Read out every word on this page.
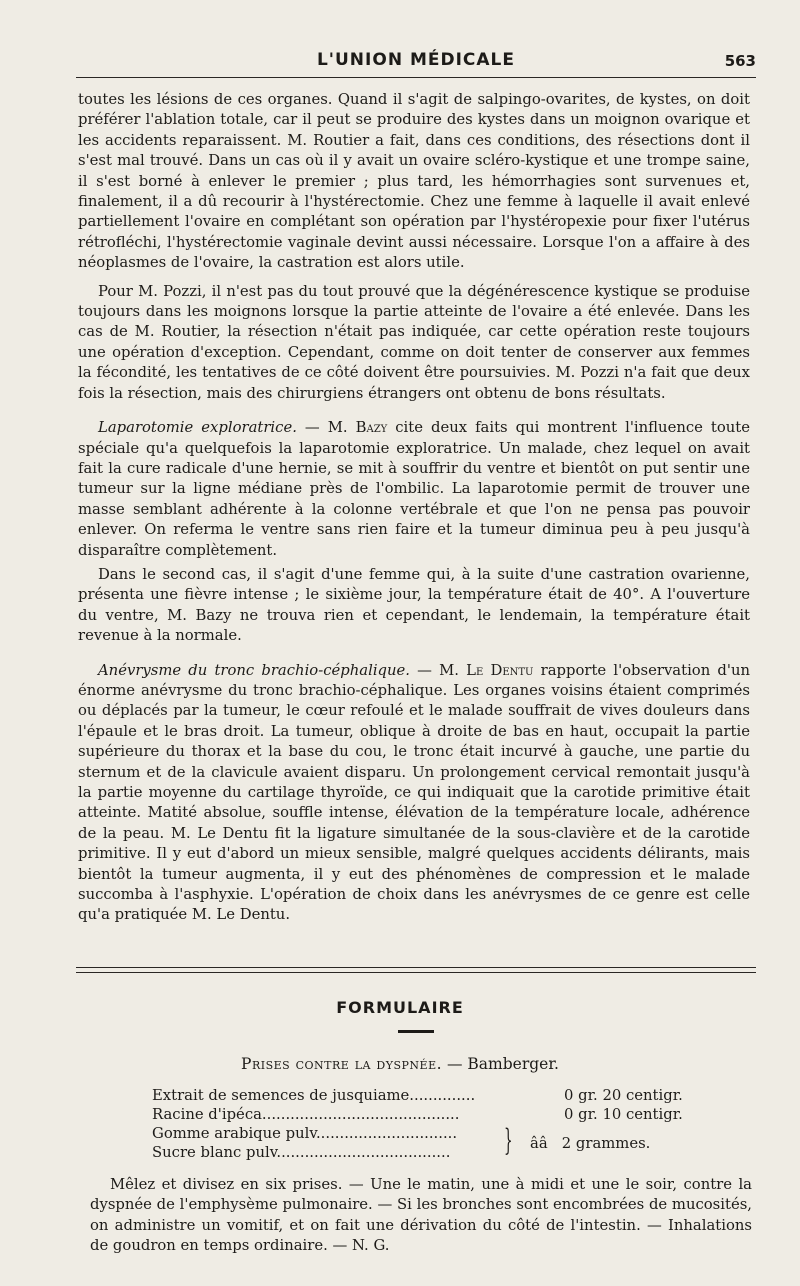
L'UNION MÉDICALE	563

toutes les lésions de ces organes. Quand il s'agit de salpingo-ovarites, de kystes, on doit préférer l'ablation totale, car il peut se produire des kystes dans un moignon ovarique et les accidents reparaissent. M. Routier a fait, dans ces conditions, des résections dont il s'est mal trouvé. Dans un cas où il y avait un ovaire scléro-kystique et une trompe saine, il s'est borné à enlever le premier ; plus tard, les hémorrhagies sont survenues et, finalement, il a dû recourir à l'hystérectomie. Chez une femme à laquelle il avait enlevé partiellement l'ovaire en complétant son opération par l'hystéropexie pour fixer l'utérus rétrofléchi, l'hystérectomie vaginale devint aussi nécessaire. Lorsque l'on a affaire à des néoplasmes de l'ovaire, la castration est alors utile.

Pour M. Pozzi, il n'est pas du tout prouvé que la dégénérescence kystique se produise toujours dans les moignons lorsque la partie atteinte de l'ovaire a été enlevée. Dans les cas de M. Routier, la résection n'était pas indiquée, car cette opération reste toujours une opération d'exception. Cependant, comme on doit tenter de conserver aux femmes la fécondité, les tentatives de ce côté doivent être poursuivies. M. Pozzi n'a fait que deux fois la résection, mais des chirurgiens étrangers ont obtenu de bons résultats.

Laparotomie exploratrice. — M. Bazy cite deux faits qui montrent l'influence toute spéciale qu'a quelquefois la laparotomie exploratrice. Un malade, chez lequel on avait fait la cure radicale d'une hernie, se mit à souffrir du ventre et bientôt on put sentir une tumeur sur la ligne médiane près de l'ombilic. La laparotomie permit de trouver une masse semblant adhérente à la colonne vertébrale et que l'on ne pensa pas pouvoir enlever. On referma le ventre sans rien faire et la tumeur diminua peu à peu jusqu'à disparaître complètement.

Dans le second cas, il s'agit d'une femme qui, à la suite d'une castration ovarienne, présenta une fièvre intense ; le sixième jour, la température était de 40°. A l'ouverture du ventre, M. Bazy ne trouva rien et cependant, le lendemain, la température était revenue à la normale.

Anévrysme du tronc brachio-céphalique. — M. Le Dentu rapporte l'observation d'un énorme anévrysme du tronc brachio-céphalique. Les organes voisins étaient comprimés ou déplacés par la tumeur, le cœur refoulé et le malade souffrait de vives douleurs dans l'épaule et le bras droit. La tumeur, oblique à droite de bas en haut, occupait la partie supérieure du thorax et la base du cou, le tronc était incurvé à gauche, une partie du sternum et de la clavicule avaient disparu. Un prolongement cervical remontait jusqu'à la partie moyenne du cartilage thyroïde, ce qui indiquait que la carotide primitive était atteinte. Matité absolue, souffle intense, élévation de la température locale, adhérence de la peau. M. Le Dentu fit la ligature simultanée de la sous-clavière et de la carotide primitive. Il y eut d'abord un mieux sensible, malgré quelques accidents délirants, mais bientôt la tumeur augmenta, il y eut des phénomènes de compression et le malade succomba à l'asphyxie. L'opération de choix dans les anévrysmes de ce genre est celle qu'a pratiquée M. Le Dentu.

FORMULAIRE
Prises contre la dyspnée. — Bamberger.
Extrait de semences de jusquiame..............	0 gr. 20 centigr.
Racine d'ipéca..........................................	0 gr. 10 centigr.
Gomme arabique pulv..............................
Sucre blanc pulv..................................... } ââ 2 grammes.

Mêlez et divisez en six prises. — Une le matin, une à midi et une le soir, contre la dyspnée de l'emphysème pulmonaire. — Si les bronches sont encombrées de mucosités, on administre un vomitif, et on fait une dérivation du côté de l'intestin. — Inhalations de goudron en temps ordinaire. — N. G.
